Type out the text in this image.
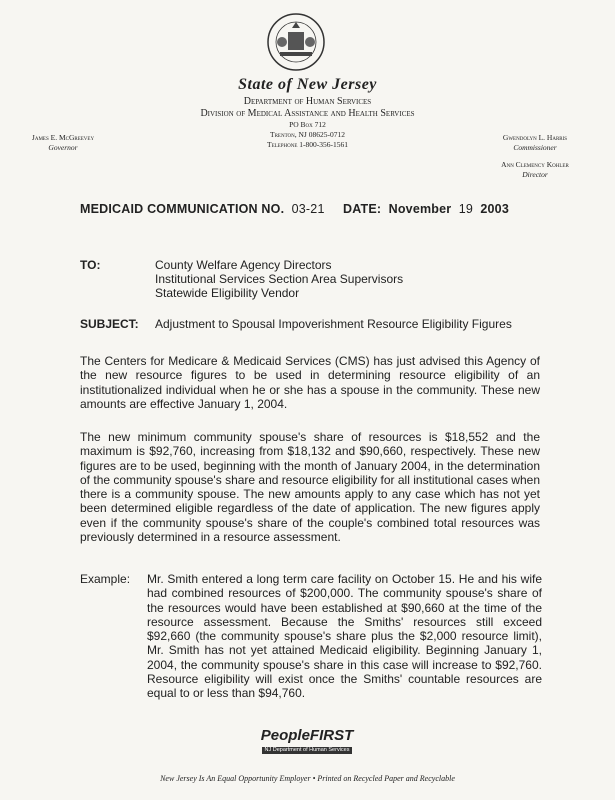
State of New Jersey
Department of Human Services
Division of Medical Assistance and Health Services
PO Box 712
Trenton, NJ 08625-0712
Telephone 1-800-356-1561
James E. McGreevey
Governor
Gwendolyn L. Harris
Commissioner
Ann Clemency Kohler
Director
MEDICAID COMMUNICATION NO. 03-21 DATE: November 19 2003
TO:	County Welfare Agency Directors
Institutional Services Section Area Supervisors
Statewide Eligibility Vendor
SUBJECT: Adjustment to Spousal Impoverishment Resource Eligibility Figures
The Centers for Medicare & Medicaid Services (CMS) has just advised this Agency of the new resource figures to be used in determining resource eligibility of an institutionalized individual when he or she has a spouse in the community. These new amounts are effective January 1, 2004.
The new minimum community spouse's share of resources is $18,552 and the maximum is $92,760, increasing from $18,132 and $90,660, respectively. These new figures are to be used, beginning with the month of January 2004, in the determination of the community spouse's share and resource eligibility for all institutional cases when there is a community spouse. The new amounts apply to any case which has not yet been determined eligible regardless of the date of application. The new figures apply even if the community spouse's share of the couple's combined total resources was previously determined in a resource assessment.
Example: Mr. Smith entered a long term care facility on October 15. He and his wife had combined resources of $200,000. The community spouse's share of the resources would have been established at $90,660 at the time of the resource assessment. Because the Smiths' resources still exceed $92,660 (the community spouse's share plus the $2,000 resource limit), Mr. Smith has not yet attained Medicaid eligibility. Beginning January 1, 2004, the community spouse's share in this case will increase to $92,760. Resource eligibility will exist once the Smiths' countable resources are equal to or less than $94,760.
PeopleFIRST
NJ Department of Human Services
New Jersey Is An Equal Opportunity Employer • Printed on Recycled Paper and Recyclable
